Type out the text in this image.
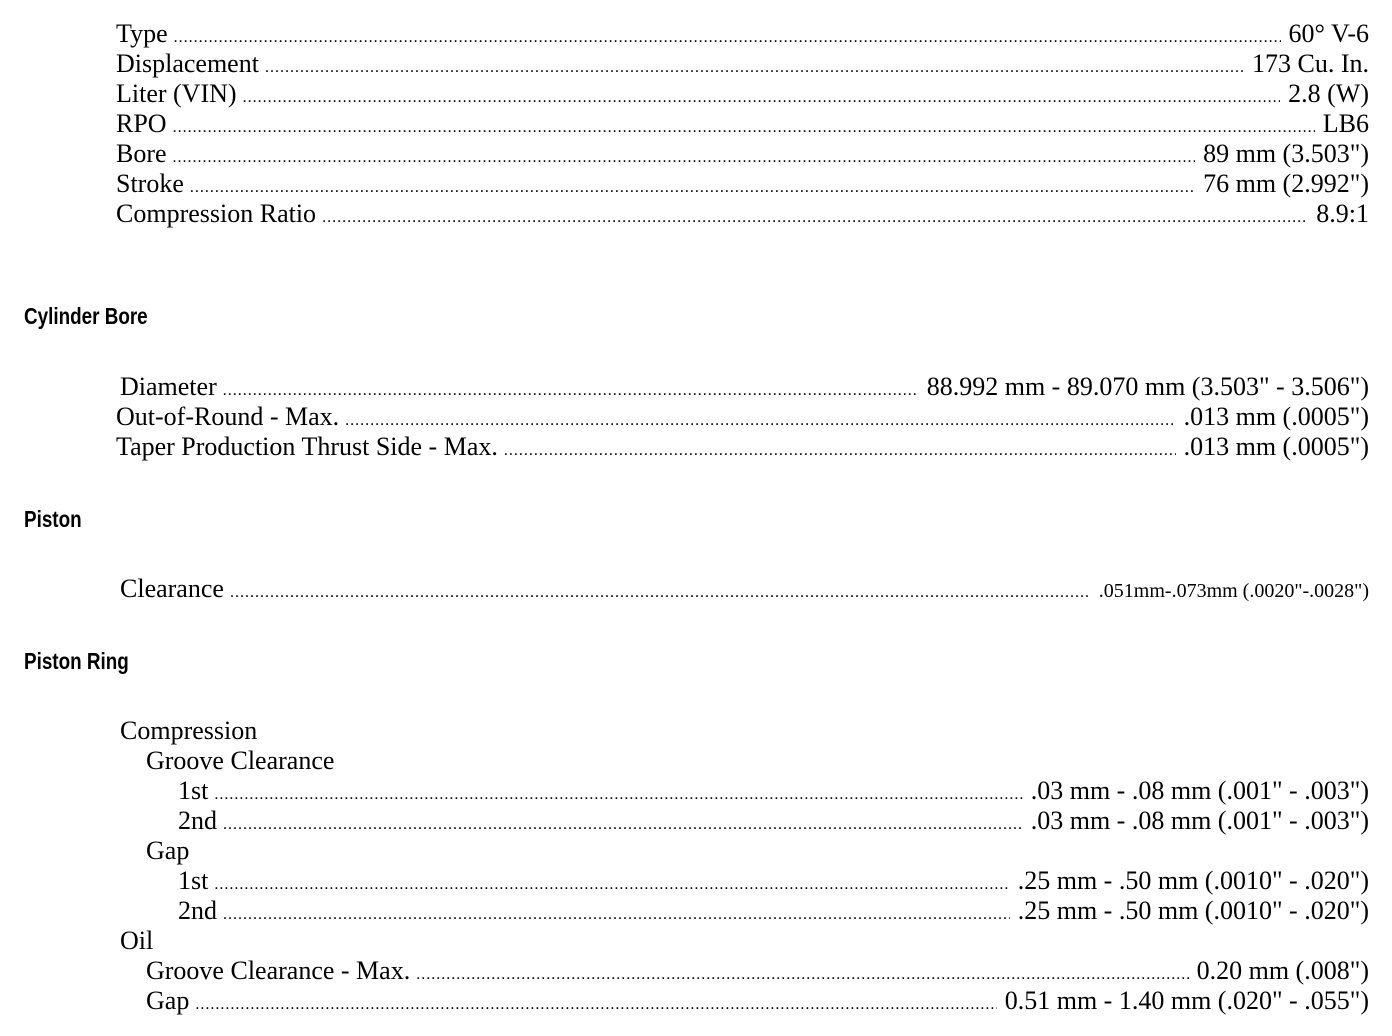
Type .....	60° V-6
Displacement .....	173 Cu. In.
Liter (VIN) .....	2.8 (W)
RPO .....	LB6
Bore .....	89 mm (3.503")
Stroke .....	76 mm (2.992")
Compression Ratio .....	8.9:1
Cylinder Bore
Diameter .....	88.992 mm - 89.070 mm (3.503" - 3.506")
Out-of-Round - Max. .....	.013 mm (.0005")
Taper Production Thrust Side - Max. .....	.013 mm (.0005")
Piston
Clearance .....	.051mm-.073mm (.0020"-.0028")
Piston Ring
Compression
Groove Clearance
1st .....	.03 mm - .08 mm (.001" - .003")
2nd .....	.03 mm - .08 mm (.001" - .003")
Gap
1st .....	.25 mm - .50 mm (.0010" - .020")
2nd .....	.25 mm - .50 mm (.0010" - .020")
Oil
Groove Clearance - Max. .....	0.20 mm (.008")
Gap .....	0.51 mm - 1.40 mm (.020" - .055")
